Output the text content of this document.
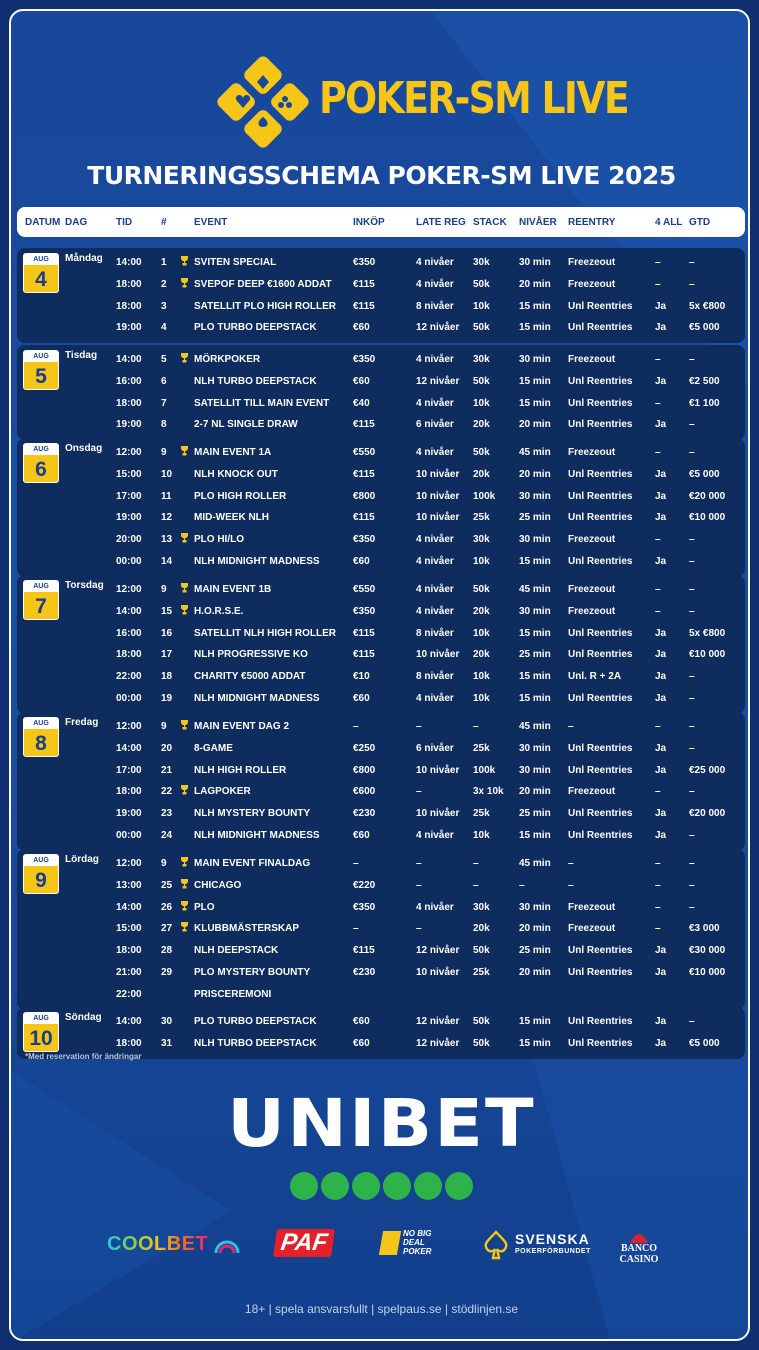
POKER-SM LIVE
TURNERINGSSCHEMA POKER-SM LIVE 2025
DATUM DAG	TID	#	EVENT	INKÖP	LATE REG STACK NIVÅER REENTRY	4 ALL GTD
AUG
4
Måndag 14:00 1	SVITEN SPECIAL	€350	4 nivåer 30k	30 min Freezeout	–	–
18:00 2	SVEPOF DEEP €1600 ADDAT €115	4 nivåer 50k	20 min Freezeout	–	–
18:00 3	SATELLIT PLO HIGH ROLLER €115	8 nivåer 10k	15 min Unl Reentries Ja 5x €800
19:00 4	PLO TURBO DEEPSTACK	€60	12 nivåer 50k	15 min Unl Reentries Ja €5 000
AUG
5
Tisdag 14:00 5	MÖRKPOKER	€350	4 nivåer 30k	30 min Freezeout	–	–
16:00 6	NLH TURBO DEEPSTACK	€60	12 nivåer 50k	15 min Unl Reentries Ja €2 500
18:00 7	SATELLIT TILL MAIN EVENT €40	4 nivåer 10k	15 min Unl Reentries –	€1 100
19:00 8	2-7 NL SINGLE DRAW	€115	6 nivåer 20k	20 min Unl Reentries Ja –
AUG
6
Onsdag 12:00 9	MAIN EVENT 1A	€550	4 nivåer 50k	45 min Freezeout	–	–
15:00 10 NLH KNOCK OUT	€115	10 nivåer 20k	20 min Unl Reentries Ja €5 000
17:00 11 PLO HIGH ROLLER	€800	10 nivåer 100k 30 min Unl Reentries Ja €20 000
19:00 12 MID-WEEK NLH	€115	10 nivåer 25k	25 min Unl Reentries Ja €10 000
20:00 13 PLO HI/LO	€350	4 nivåer 30k	30 min Freezeout	–	–
00:00 14 NLH MIDNIGHT MADNESS	€60	4 nivåer 10k	15 min Unl Reentries Ja –
AUG
7
Torsdag 12:00 9	MAIN EVENT 1B	€550	4 nivåer 50k	45 min Freezeout	–	–
14:00 15 H.O.R.S.E.	€350	4 nivåer 20k	30 min Freezeout	–	–
16:00 16 SATELLIT NLH HIGH ROLLER €115	8 nivåer 10k	15 min Unl Reentries Ja 5x €800
18:00 17 NLH PROGRESSIVE KO	€115	10 nivåer 20k	25 min Unl Reentries Ja €10 000
22:00 18 CHARITY €5000 ADDAT	€10	8 nivåer 10k	15 min Unl. R + 2A	Ja –
00:00 19 NLH MIDNIGHT MADNESS	€60	4 nivåer 10k	15 min Unl Reentries Ja –
AUG
8
Fredag 12:00 9	MAIN EVENT DAG 2	–	–	–	45 min –	–	–
14:00 20 8-GAME	€250	6 nivåer 25k	30 min Unl Reentries Ja –
17:00 21 NLH HIGH ROLLER	€800	10 nivåer 100k 30 min Unl Reentries Ja €25 000
18:00 22 LAGPOKER	€600	–	3x 10k 20 min Freezeout	–	–
19:00 23 NLH MYSTERY BOUNTY	€230	10 nivåer 25k	25 min Unl Reentries Ja €20 000
00:00 24 NLH MIDNIGHT MADNESS	€60	4 nivåer 10k	15 min Unl Reentries Ja –
AUG
9
Lördag 12:00 9	MAIN EVENT FINALDAG	–	–	–	45 min –	–	–
13:00 25 CHICAGO	€220	–	–	–	–	–	–
14:00 26 PLO	€350	4 nivåer 30k	30 min Freezeout	–	–
15:00 27 KLUBBMÄSTERSKAP	–	–	20k	20 min Freezeout	–	€3 000
18:00 28 NLH DEEPSTACK	€115	12 nivåer 50k	25 min Unl Reentries Ja €30 000
21:00 29 PLO MYSTERY BOUNTY	€230	10 nivåer 25k	20 min Unl Reentries Ja €10 000
22:00	PRISCEREMONI
AUG
10
Söndag 14:00 30 PLO TURBO DEEPSTACK	€60	12 nivåer 50k	15 min Unl Reentries Ja –
18:00 31 NLH TURBO DEEPSTACK	€60	12 nivåer 50k	15 min Unl Reentries Ja €5 000
*Med reservation för ändringar
UNIBET
COOLBET	PAF	NO BIG
DEAL
POKER
SVENSKA
POKERFÖRBUNDET	BANCO
CASINO
18+ | spela ansvarsfullt | spelpaus.se | stödlinjen.se
